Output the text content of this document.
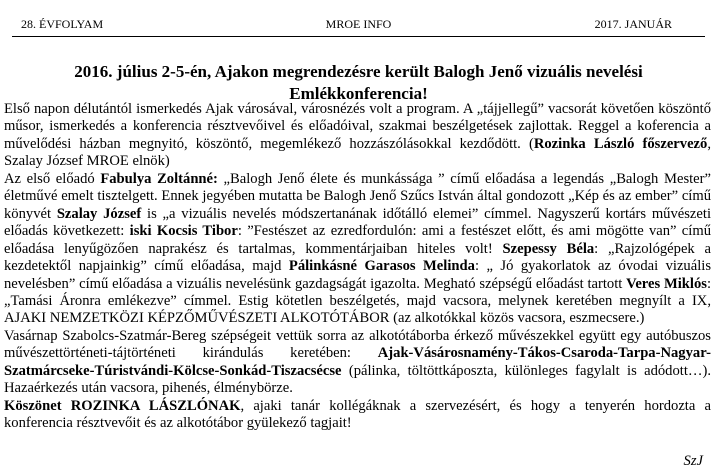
28. ÉVFOLYAM	MROE INFO	2017. JANUÁR
2016. július 2-5-én, Ajakon megrendezésre került Balogh Jenő vizuális nevelési Emlékkonferencia!

Első napon délutántól ismerkedés Ajak városával, városnézés volt a program. A „tájjellegű” vacsorát követően köszöntő műsor, ismerkedés a konferencia résztvevőivel és előadóival, szakmai beszélgetések zajlottak. Reggel a koferencia a művelődési házban megnyitó, köszöntő, megemlékező hozzászólásokkal kezdődött. (Rozinka László főszervező, Szalay József MROE elnök)

Az első előadó Fabulya Zoltánné: „Balogh Jenő élete és munkássága ” című előadása a legendás „Balogh Mester” életművé emelt tisztelgett. Ennek jegyében mutatta be Balogh Jenő Szűcs István által gondozott „Kép és az ember” című könyvét Szalay József is „a vizuális nevelés módszertanának időtálló elemei” címmel. Nagyszerű kortárs művészeti előadás következett: iski Kocsis Tibor: ”Festészet az ezredfordulón: ami a festészet előtt, és ami mögötte van” című előadása lenyűgözően naprakész és tartalmas, kommentárjaiban hiteles volt! Szepessy Béla: „Rajzológépek a kezdetektől napjainkig” című előadása, majd Pálinkásné Garasos Melinda: „ Jó gyakorlatok az óvodai vizuális nevelésben” című előadása a vizuális nevelésünk gazdagságát igazolta. Megható szépségű előadást tartott Veres Miklós: „Tamási Áronra emlékezve” címmel. Estig kötetlen beszélgetés, majd vacsora, melynek keretében megnyílt a IX, AJAKI NEMZETKÖZI KÉPZŐMŰVÉSZETI ALKOTÓTÁBOR (az alkotókkal közös vacsora, eszmecsere.)

Vasárnap Szabolcs-Szatmár-Bereg szépségeit vettük sorra az alkotótáborba érkező művészekkel együtt egy autóbuszos művészettörténeti-tájtörténeti kirándulás keretében: Ajak-Vásárosnamény-Tákos-Csaroda-Tarpa-Nagyar-Szatmárcseke-Túristvándi-Kölcse-Sonkád-Tiszacsécse (pálinka, töltöttkáposzta, különleges fagylalt is adódott…). Hazaérkezés után vacsora, pihenés, élménybörze.

Köszönet ROZINKA LÁSZLÓNAK, ajaki tanár kollégáknak a szervezésért, és hogy a tenyerén hordozta a konferencia résztvevőit és az alkotótábor gyülekező tagjait!

SzJ
